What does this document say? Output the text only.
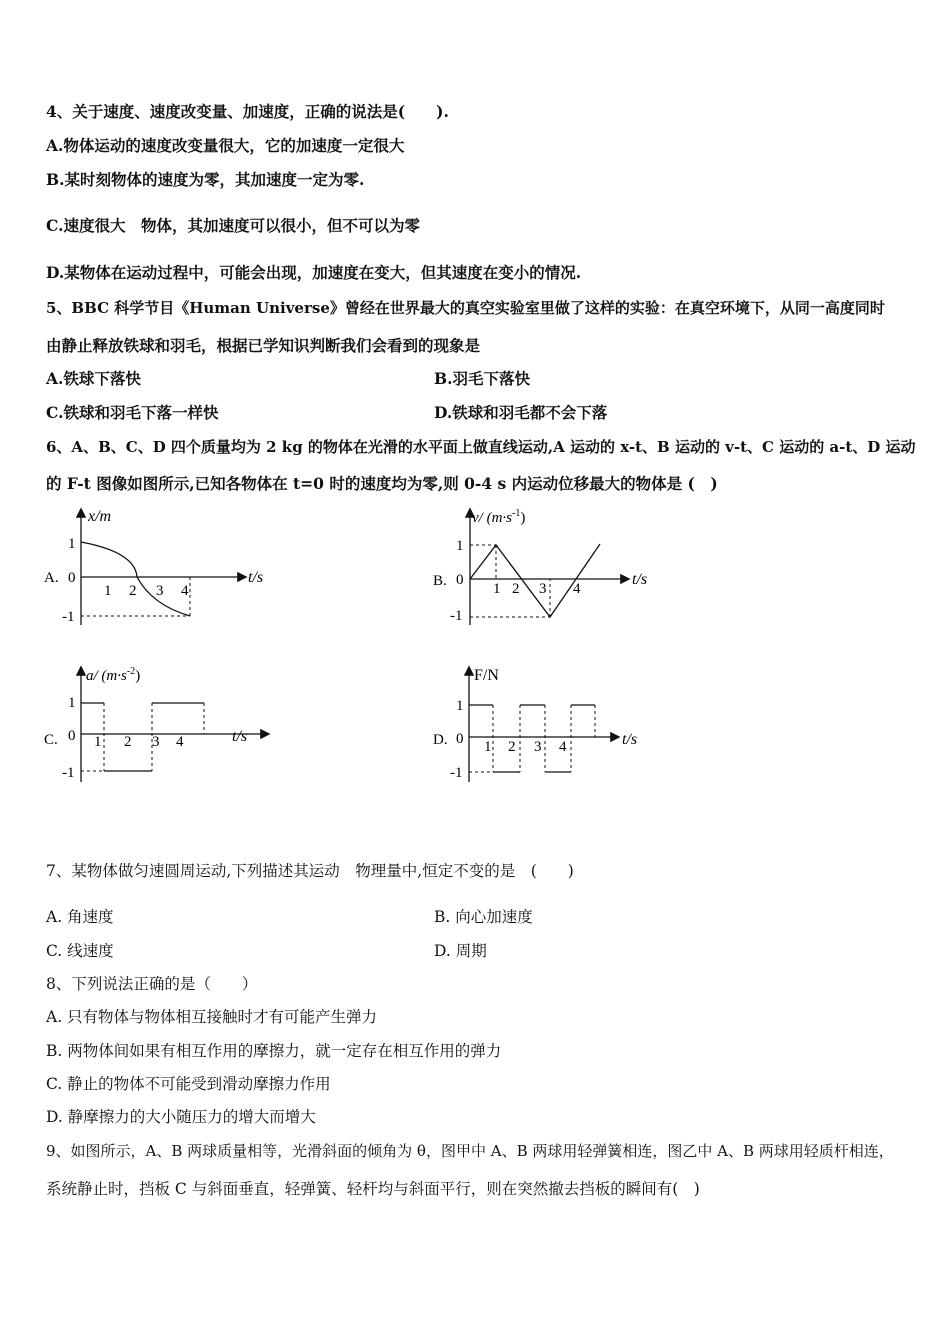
4、关于速度、速度改变量、加速度，正确的说法是(　　).
A.物体运动的速度改变量很大，它的加速度一定很大
B.某时刻物体的速度为零，其加速度一定为零.
C.速度很大　物体，其加速度可以很小，但不可以为零
D.某物体在运动过程中，可能会出现，加速度在变大，但其速度在变小的情况.
5、BBC 科学节目《Human Universe》曾经在世界最大的真空实验室里做了这样的实验：在真空环境下，从同一高度同时
由静止释放铁球和羽毛，根据已学知识判断我们会看到的现象是
A.铁球下落快	B.羽毛下落快
C.铁球和羽毛下落一样快	D.铁球和羽毛都不会下落
6、A、B、C、D 四个质量均为 2 kg 的物体在光滑的水平面上做直线运动,A 运动的 x-t、B 运动的 v-t、C 运动的 a-t、D 运动
的 F-t 图像如图所示,已知各物体在 t=0 时的速度均为零,则 0-4 s 内运动位移最大的物体是 (　)
A.
x/m
t/s
1
0
-1
1 2 3 4
B.
v/ $(m\cdot s^{-1})$
t/s
1
0
-1
1 2 3 4
C.
a/ $(m\cdot s^{-2})$
t/s
1
0
-1
1 2 3 4	D.
F/N
t/s
1
0
-1
1 2 3 4
7、某物体做匀速圆周运动,下列描述其运动　物理量中,恒定不变的是　(　　)
A. 角速度	B. 向心加速度
C. 线速度	D. 周期
8、下列说法正确的是（　　）
A. 只有物体与物体相互接触时才有可能产生弹力
B. 两物体间如果有相互作用的摩擦力，就一定存在相互作用的弹力
C. 静止的物体不可能受到滑动摩擦力作用
D. 静摩擦力的大小随压力的增大而增大
9、如图所示，A、B 两球质量相等，光滑斜面的倾角为 θ，图甲中 A、B 两球用轻弹簧相连，图乙中 A、B 两球用轻质杆相连，
系统静止时，挡板 C 与斜面垂直，轻弹簧、轻杆均与斜面平行，则在突然撤去挡板的瞬间有(　)
